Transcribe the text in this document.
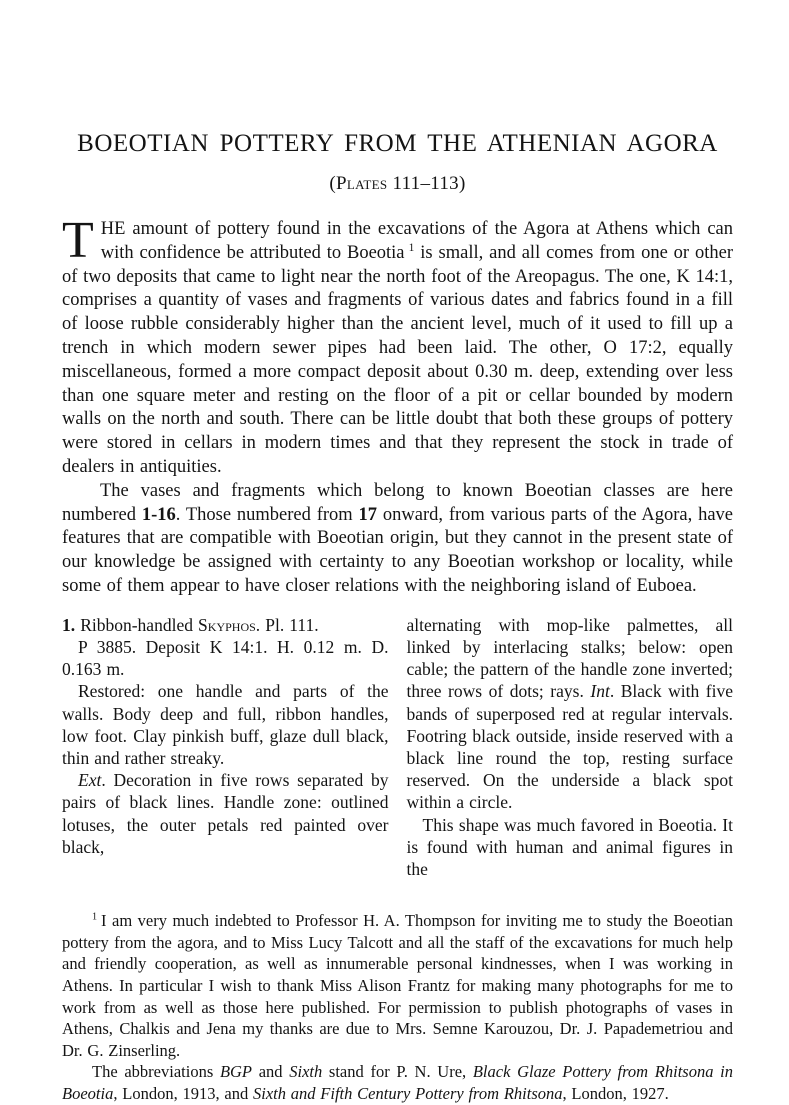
BOEOTIAN POTTERY FROM THE ATHENIAN AGORA
(Plates 111–113)

THE amount of pottery found in the excavations of the Agora at Athens which can with confidence be attributed to Boeotia $^1$ is small, and all comes from one or other of two deposits that came to light near the north foot of the Areopagus. The one, K 14:1, comprises a quantity of vases and fragments of various dates and fabrics found in a fill of loose rubble considerably higher than the ancient level, much of it used to fill up a trench in which modern sewer pipes had been laid. The other, O 17:2, equally miscellaneous, formed a more compact deposit about 0.30 m. deep, extending over less than one square meter and resting on the floor of a pit or cellar bounded by modern walls on the north and south. There can be little doubt that both these groups of pottery were stored in cellars in modern times and that they represent the stock in trade of dealers in antiquities.

The vases and fragments which belong to known Boeotian classes are here numbered 1-16. Those numbered from 17 onward, from various parts of the Agora, have features that are compatible with Boeotian origin, but they cannot in the present state of our knowledge be assigned with certainty to any Boeotian workshop or locality, while some of them appear to have closer relations with the neighboring island of Euboea.

1. Ribbon-handled Skyphos. Pl. 111.

P 3885. Deposit K 14:1. H. 0.12 m. D. 0.163 m.

Restored: one handle and parts of the walls. Body deep and full, ribbon handles, low foot. Clay pinkish buff, glaze dull black, thin and rather streaky.

Ext. Decoration in five rows separated by pairs of black lines. Handle zone: outlined lotuses, the outer petals red painted over black,

alternating with mop-like palmettes, all linked by interlacing stalks; below: open cable; the pattern of the handle zone inverted; three rows of dots; rays. Int. Black with five bands of superposed red at regular intervals. Footring black outside, inside reserved with a black line round the top, resting surface reserved. On the underside a black spot within a circle.

This shape was much favored in Boeotia. It is found with human and animal figures in the

$^1$ I am very much indebted to Professor H. A. Thompson for inviting me to study the Boeotian pottery from the agora, and to Miss Lucy Talcott and all the staff of the excavations for much help and friendly cooperation, as well as innumerable personal kindnesses, when I was working in Athens. In particular I wish to thank Miss Alison Frantz for making many photographs for me to work from as well as those here published. For permission to publish photographs of vases in Athens, Chalkis and Jena my thanks are due to Mrs. Semne Karouzou, Dr. J. Papademetriou and Dr. G. Zinserling.

The abbreviations BGP and Sixth stand for P. N. Ure, Black Glaze Pottery from Rhitsona in Boeotia, London, 1913, and Sixth and Fifth Century Pottery from Rhitsona, London, 1927.
